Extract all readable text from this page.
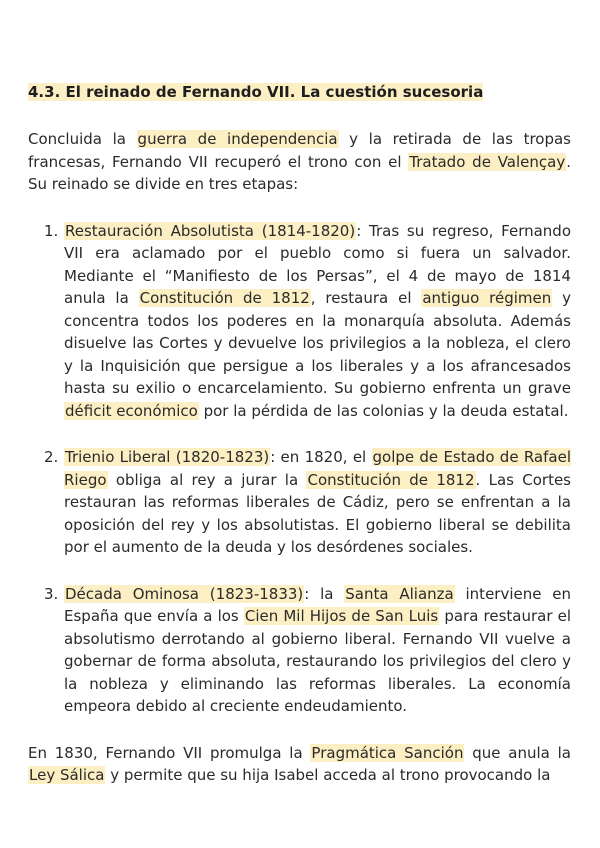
4.3. El reinado de Fernando VII. La cuestión sucesoria

Concluida la guerra de independencia y la retirada de las tropas francesas, Fernando VII recuperó el trono con el Tratado de Valençay. Su reinado se divide en tres etapas:

1. Restauración Absolutista (1814-1820): Tras su regreso, Fernando VII era aclamado por el pueblo como si fuera un salvador. Mediante el “Manifiesto de los Persas”, el 4 de mayo de 1814 anula la Constitución de 1812, restaura el antiguo régimen y concentra todos los poderes en la monarquía absoluta. Además disuelve las Cortes y devuelve los privilegios a la nobleza, el clero y la Inquisición que persigue a los liberales y a los afrancesados hasta su exilio o encarcelamiento. Su gobierno enfrenta un grave déficit económico por la pérdida de las colonias y la deuda estatal.

2. Trienio Liberal (1820-1823): en 1820, el golpe de Estado de Rafael Riego obliga al rey a jurar la Constitución de 1812. Las Cortes restauran las reformas liberales de Cádiz, pero se enfrentan a la oposición del rey y los absolutistas. El gobierno liberal se debilita por el aumento de la deuda y los desórdenes sociales.

3. Década Ominosa (1823-1833): la Santa Alianza interviene en España que envía a los Cien Mil Hijos de San Luis para restaurar el absolutismo derrotando al gobierno liberal. Fernando VII vuelve a gobernar de forma absoluta, restaurando los privilegios del clero y la nobleza y eliminando las reformas liberales. La economía empeora debido al creciente endeudamiento.

En 1830, Fernando VII promulga la Pragmática Sanción que anula la Ley Sálica y permite que su hija Isabel acceda al trono provocando la
